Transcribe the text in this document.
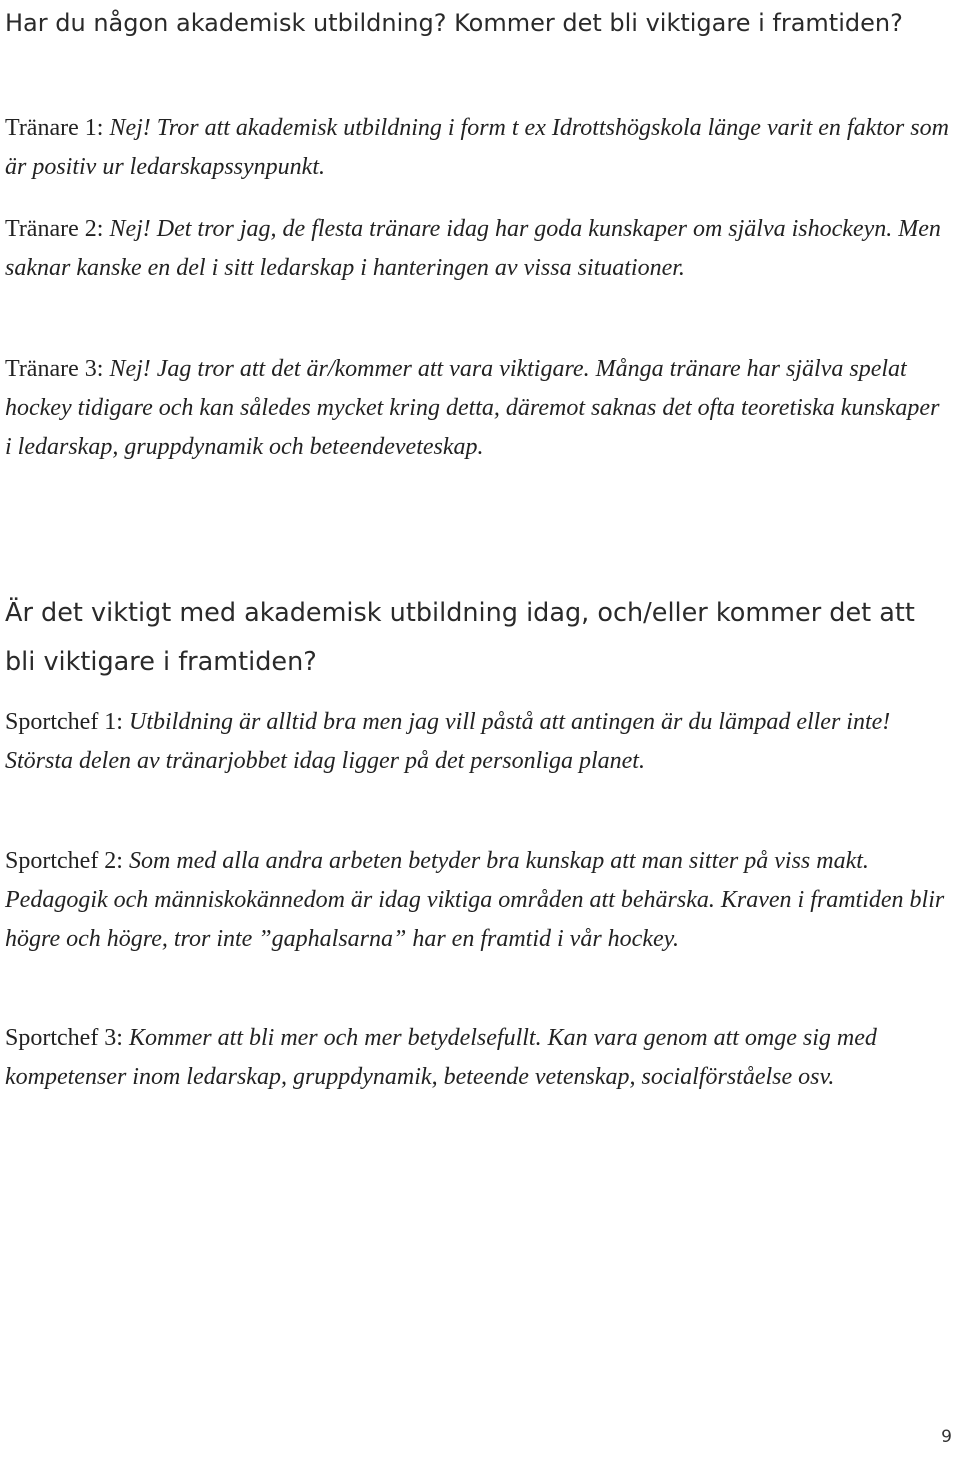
Har du någon akademisk utbildning? Kommer det bli viktigare i framtiden?

Tränare 1: Nej! Tror att akademisk utbildning i form t ex Idrottshögskola länge varit en faktor som är positiv ur ledarskapssynpunkt.

Tränare 2: Nej! Det tror jag, de flesta tränare idag har goda kunskaper om själva ishockeyn. Men saknar kanske en del i sitt ledarskap i hanteringen av vissa situationer.

Tränare 3: Nej! Jag tror att det är/kommer att vara viktigare. Många tränare har själva spelat hockey tidigare och kan således mycket kring detta, däremot saknas det ofta teoretiska kunskaper i ledarskap, gruppdynamik och beteendeveteskap.

Är det viktigt med akademisk utbildning idag, och/eller kommer det att bli viktigare i framtiden?

Sportchef 1: Utbildning är alltid bra men jag vill påstå att antingen är du lämpad eller inte! Största delen av tränarjobbet idag ligger på det personliga planet.

Sportchef 2: Som med alla andra arbeten betyder bra kunskap att man sitter på viss makt. Pedagogik och människokännedom är idag viktiga områden att behärska. Kraven i framtiden blir högre och högre, tror inte ”gaphalsarna” har en framtid i vår hockey.

Sportchef 3: Kommer att bli mer och mer betydelsefullt. Kan vara genom att omge sig med kompetenser inom ledarskap, gruppdynamik, beteende vetenskap, socialförståelse osv.

9
